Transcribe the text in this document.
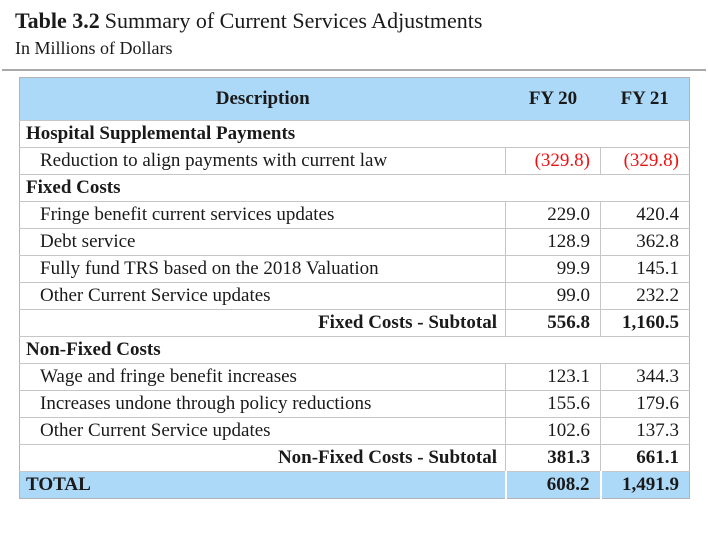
Table 3.2 Summary of Current Services Adjustments
In Millions of Dollars
Description	FY 20	FY 21
Hospital Supplemental Payments		
Reduction to align payments with current law	(329.8)	(329.8)
Fixed Costs		
Fringe benefit current services updates	229.0	420.4
Debt service	128.9	362.8
Fully fund TRS based on the 2018 Valuation	99.9	145.1
Other Current Service updates	99.0	232.2
Fixed Costs - Subtotal	556.8	1,160.5
Non-Fixed Costs		
Wage and fringe benefit increases	123.1	344.3
Increases undone through policy reductions	155.6	179.6
Other Current Service updates	102.6	137.3
Non-Fixed Costs - Subtotal	381.3	661.1
TOTAL	608.2	1,491.9
